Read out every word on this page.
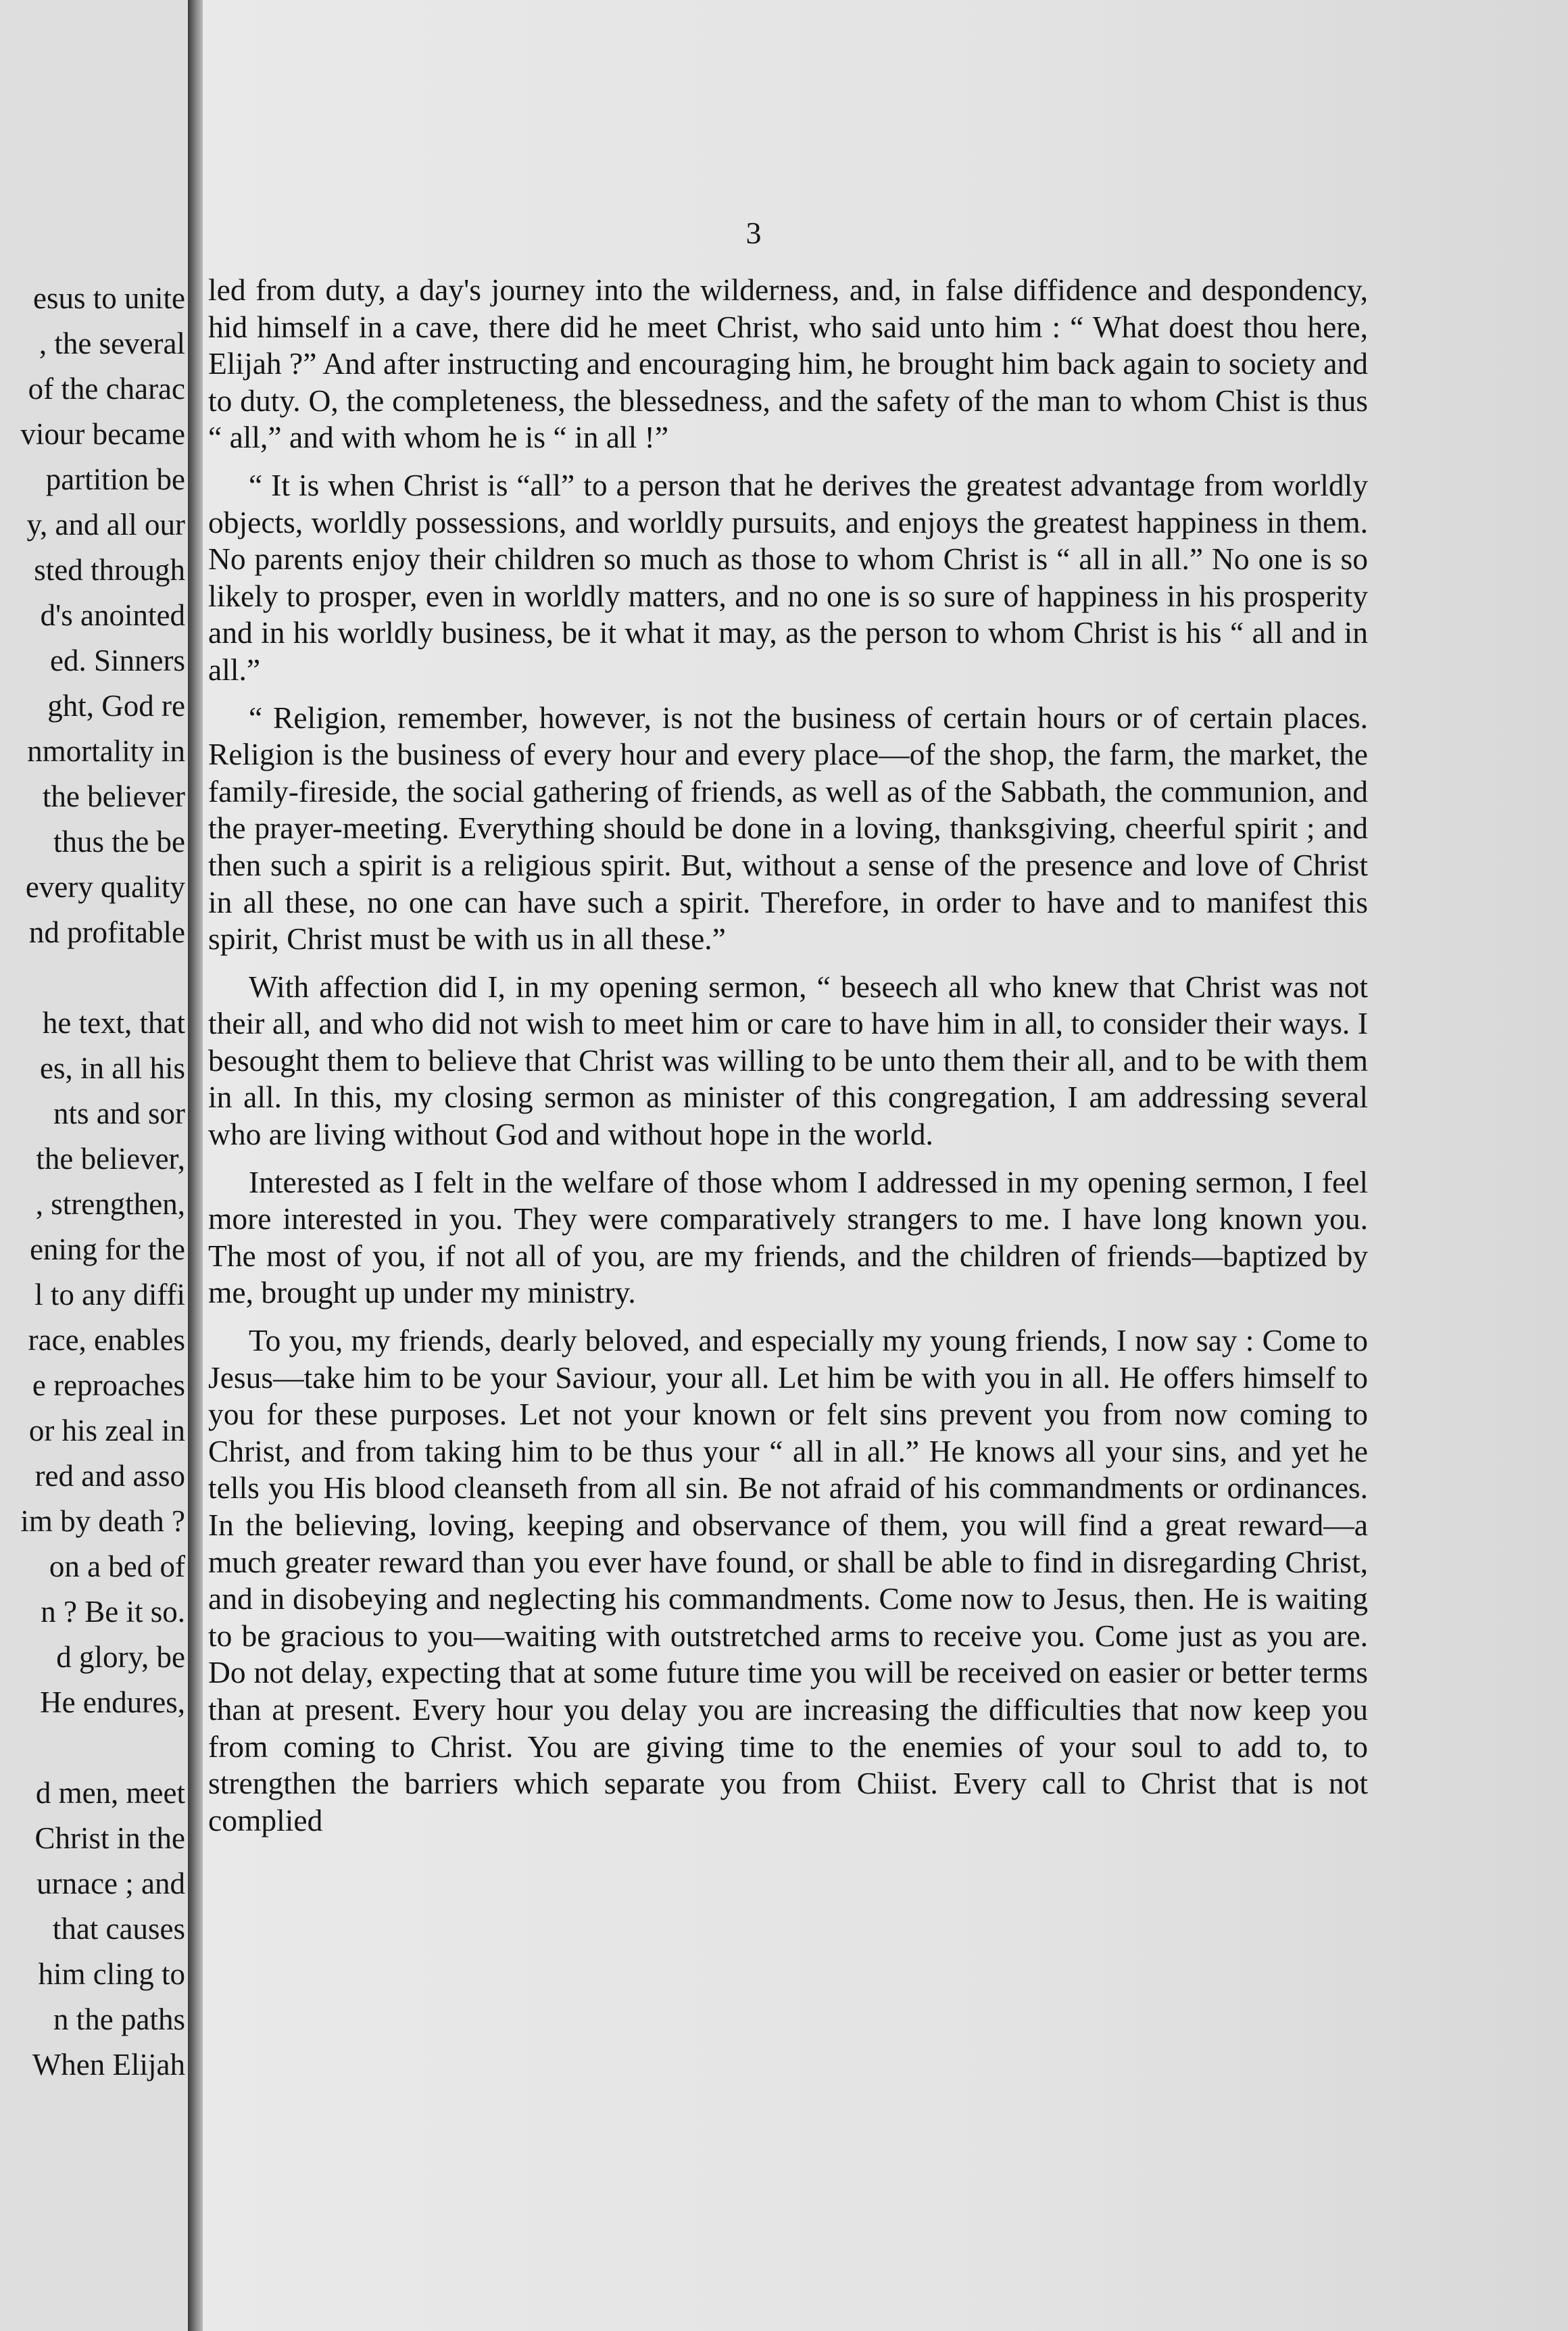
esus to unite
, the several
of the charac
viour became
partition be
y, and all our
sted through
d's anointed
ed. Sinners
ght, God re
nmortality in
the believer
thus the be
every quality
nd profitable
he text, that
es, in all his
nts and sor
the believer,
, strengthen,
ening for the
l to any diffi
race, enables
e reproaches
or his zeal in
red and asso
im by death ?
on a bed of
n ? Be it so.
d glory, be
He endures,
d men, meet
Christ in the
urnace ; and
that causes
him cling to
n the paths
When Elijah
3

led from duty, a day's journey into the wilderness, and, in false diffidence and despondency, hid himself in a cave, there did he meet Christ, who said unto him : “ What doest thou here, Elijah ?” And after instructing and encouraging him, he brought him back again to society and to duty. O, the completeness, the blessedness, and the safety of the man to whom Chist is thus “ all,” and with whom he is “ in all !”

“ It is when Christ is “all” to a person that he derives the greatest advantage from worldly objects, worldly possessions, and worldly pursuits, and enjoys the greatest happiness in them. No parents enjoy their children so much as those to whom Christ is “ all in all.” No one is so likely to prosper, even in worldly matters, and no one is so sure of happiness in his prosperity and in his worldly business, be it what it may, as the person to whom Christ is his “ all and in all.”

“ Religion, remember, however, is not the business of certain hours or of certain places. Religion is the business of every hour and every place—of the shop, the farm, the market, the family-fireside, the social gathering of friends, as well as of the Sabbath, the communion, and the prayer-meeting. Everything should be done in a loving, thanksgiving, cheerful spirit ; and then such a spirit is a religious spirit. But, without a sense of the presence and love of Christ in all these, no one can have such a spirit. Therefore, in order to have and to manifest this spirit, Christ must be with us in all these.”

With affection did I, in my opening sermon, “ beseech all who knew that Christ was not their all, and who did not wish to meet him or care to have him in all, to consider their ways. I besought them to believe that Christ was willing to be unto them their all, and to be with them in all. In this, my closing sermon as minister of this congregation, I am addressing several who are living without God and without hope in the world.

Interested as I felt in the welfare of those whom I addressed in my opening sermon, I feel more interested in you. They were comparatively strangers to me. I have long known you. The most of you, if not all of you, are my friends, and the children of friends—baptized by me, brought up under my ministry.

To you, my friends, dearly beloved, and especially my young friends, I now say : Come to Jesus—take him to be your Saviour, your all. Let him be with you in all. He offers himself to you for these purposes. Let not your known or felt sins prevent you from now coming to Christ, and from taking him to be thus your “ all in all.” He knows all your sins, and yet he tells you His blood cleanseth from all sin. Be not afraid of his commandments or ordinances. In the believing, loving, keeping and observance of them, you will find a great reward—a much greater reward than you ever have found, or shall be able to find in disregarding Christ, and in disobeying and neglecting his commandments. Come now to Jesus, then. He is waiting to be gracious to you—waiting with outstretched arms to receive you. Come just as you are. Do not delay, expecting that at some future time you will be received on easier or better terms than at present. Every hour you delay you are increasing the difficulties that now keep you from coming to Christ. You are giving time to the enemies of your soul to add to, to strengthen the barriers which separate you from Chiist. Every call to Christ that is not complied
